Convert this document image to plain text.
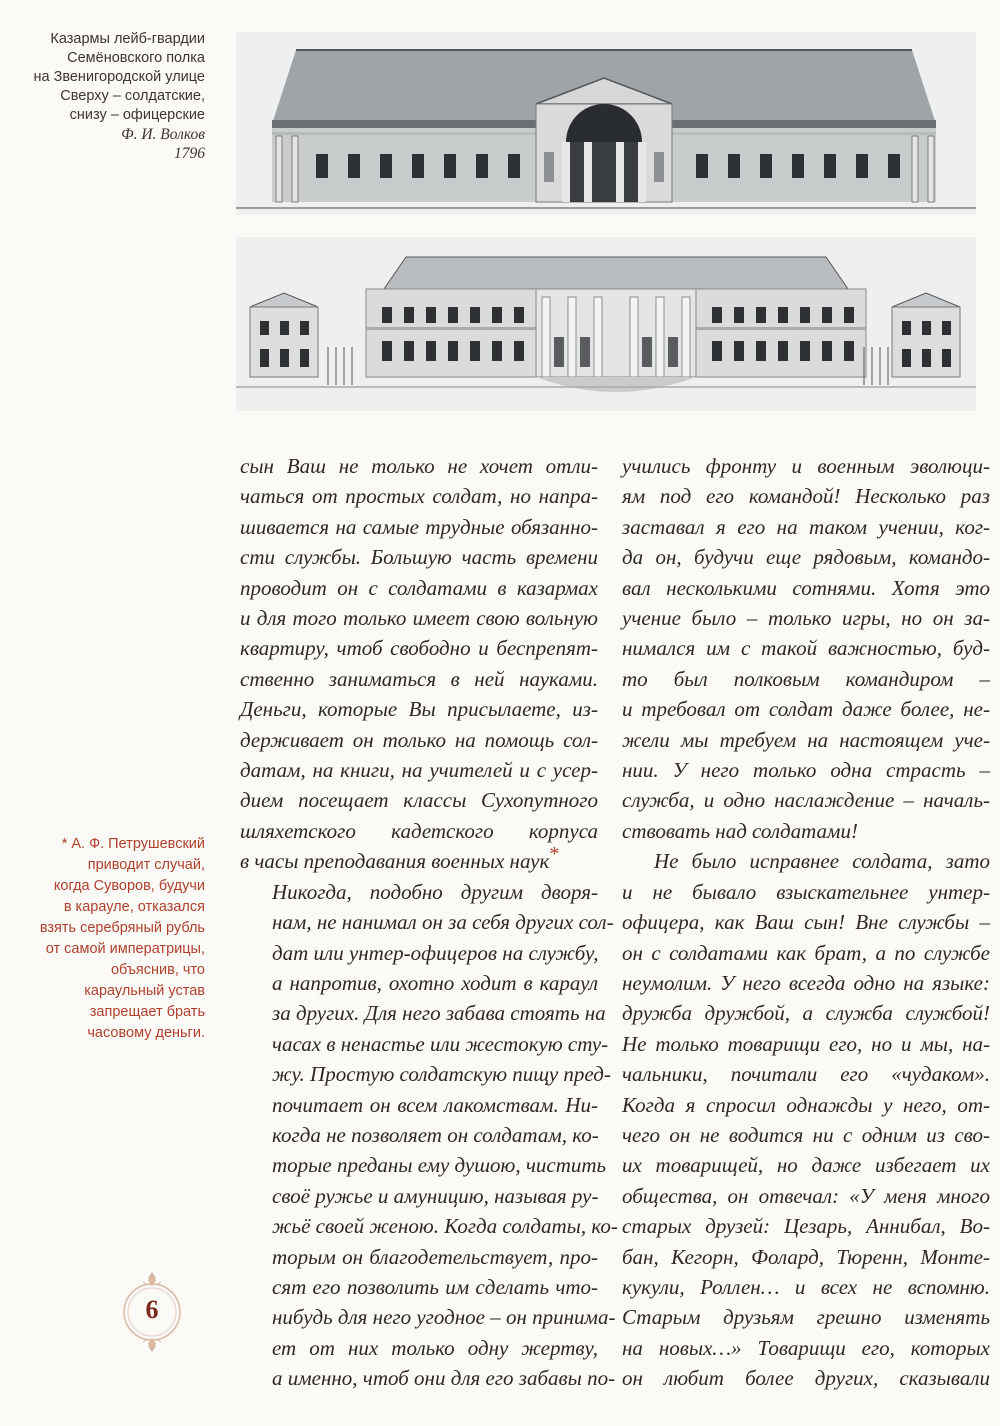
Казармы лейб-гвардии
Семёновского полка
на Звенигородской улице
Сверху – солдатские,
снизу – офицерские
Ф. И. Волков
1796

сын Ваш не только не хочет отли-
чаться от простых солдат, но напра-
шивается на самые трудные обязанно-
сти службы. Большую часть времени
проводит он с солдатами в казармах
и для того только имеет свою вольную
квартиру, чтоб свободно и беспрепят-
ственно заниматься в ней науками.
Деньги, которые Вы присылаете, из-
держивает он только на помощь сол-
датам, на книги, на учителей и с усер-
дием посещает классы Сухопутного
шляхетского кадетского корпуса
в часы преподавания военных наук*

Никогда, подобно другим дворя-
нам, не нанимал он за себя других сол-
дат или унтер-офицеров на службу,
а напротив, охотно ходит в караул
за других. Для него забава стоять на
часах в ненастье или жестокую сту-
жу. Простую солдатскую пищу пред-
почитает он всем лакомствам. Ни-
когда не позволяет он солдатам, ко-
торые преданы ему душою, чистить
своё ружье и амуницию, называя ру-
жьё своей женою. Когда солдаты, ко-
торым он благодетельствует, про-
сят его позволить им сделать что-
нибудь для него угодное – он принима-
ет от них только одну жертву,
а именно, чтоб они для его забавы по-

учились фронту и военным эволюци-
ям под его командой! Несколько раз
заставал я его на таком учении, ког-
да он, будучи еще рядовым, командо-
вал несколькими сотнями. Хотя это
учение было – только игры, но он за-
нимался им с такой важностью, буд-
то был полковым командиром –
и требовал от солдат даже более, не-
жели мы требуем на настоящем уче-
нии. У него только одна страсть –
служба, и одно наслаждение – началь-
ствовать над солдатами!

Не было исправнее солдата, зато
и не бывало взыскательнее унтер-
офицера, как Ваш сын! Вне службы –
он с солдатами как брат, а по службе
неумолим. У него всегда одно на языке:
дружба дружбой, а служба службой!
Не только товарищи его, но и мы, на-
чальники, почитали его «чудаком».
Когда я спросил однажды у него, от-
чего он не водится ни с одним из сво-
их товарищей, но даже избегает их
общества, он отвечал: «У меня много
старых друзей: Цезарь, Аннибал, Во-
бан, Кегорн, Фолард, Тюренн, Монте-
кукули, Роллен… и всех не вспомню.
Старым друзьям грешно изменять
на новых…» Товарищи его, которых
он любит более других, сказывали

* А. Ф. Петрушевский
приводит случай,
когда Суворов, будучи
в карауле, отказался
взять серебряный рубль
от самой императрицы,
объяснив, что
караульный устав
запрещает брать
часовому деньги.
6
